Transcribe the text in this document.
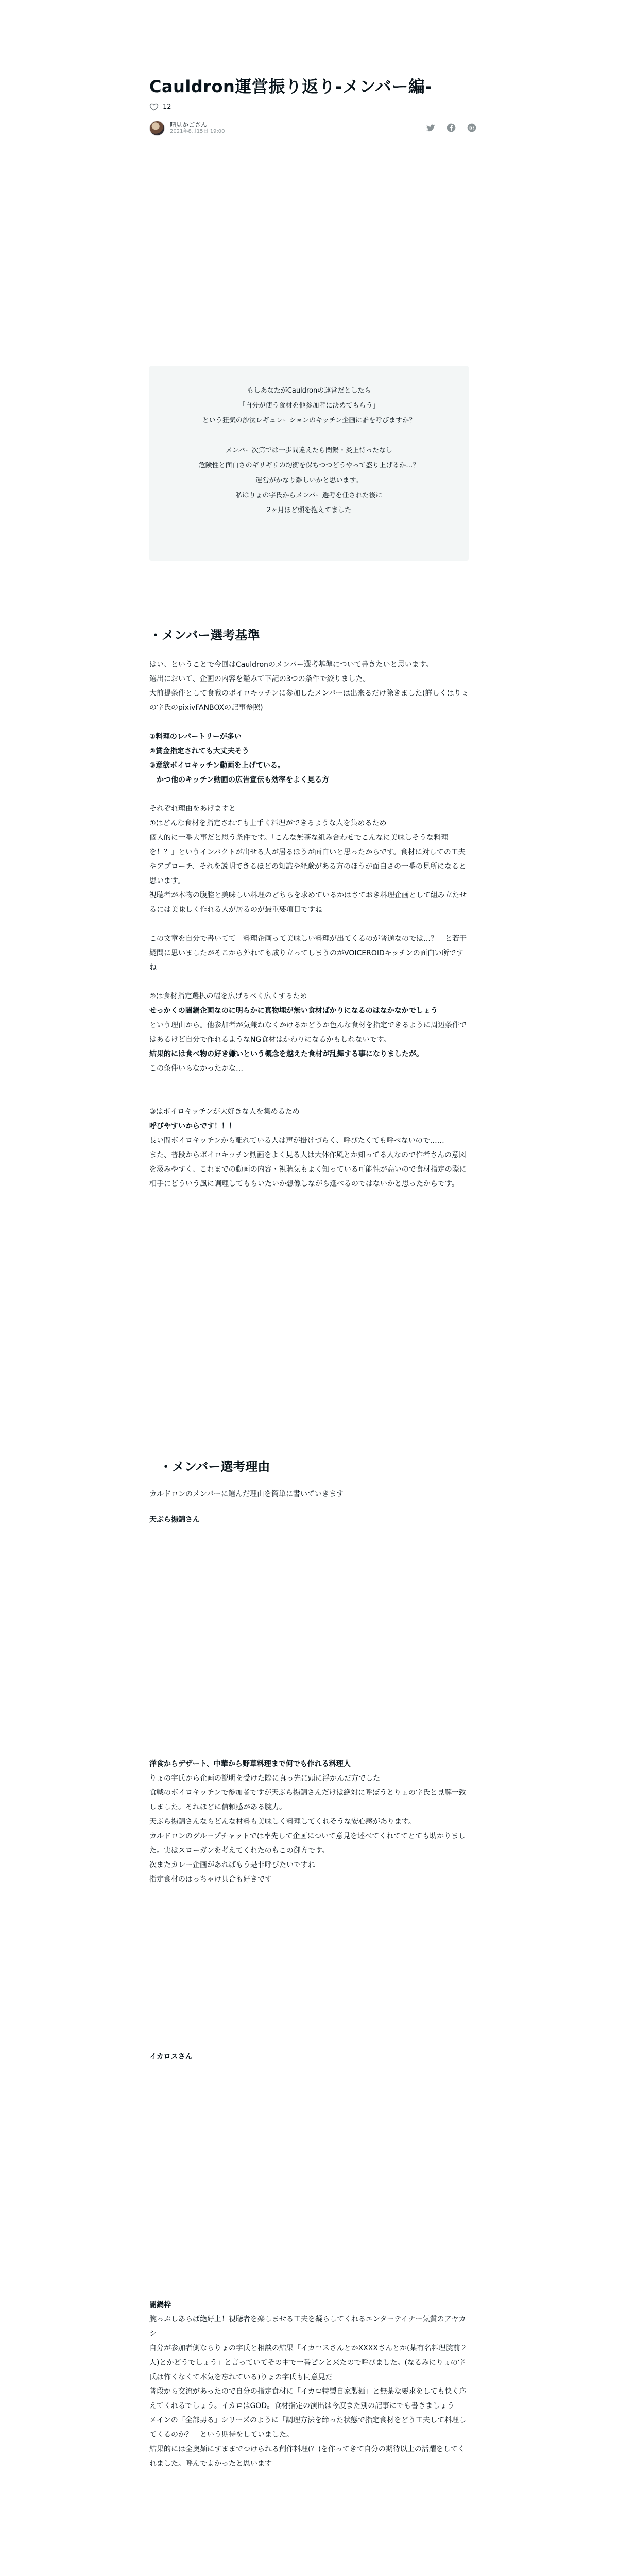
Cauldron運営振り返り-メンバー編-
12
晴見かごさん
2021年8月15日 19:00
B!

もしあなたがCauldronの運営だとしたら

「自分が使う食材を他参加者に決めてもらう」

という狂気の沙汰レギュレーションのキッチン企画に誰を呼びますか？

メンバー次第では一歩間違えたら闇鍋・炎上待ったなし

危険性と面白さのギリギリの均衡を保ちつつどうやって盛り上げるか…？

運営がかなり難しいかと思います。

私はりょの字氏からメンバー選考を任された後に

2ヶ月ほど頭を抱えてました

・メンバー選考基準

はい、ということで今回はCauldronのメンバー選考基準について書きたいと思います。

選出において、企画の内容を鑑みて下記の3つの条件で絞りました。

大前提条件として食戦のボイロキッチンに参加したメンバーは出来るだけ除きました(詳しくはりょの字氏のpixivFANBOXの記事参照)

①料理のレパートリーが多い

②賞金指定されても大丈夫そう

③意欲ボイロキッチン動画を上げている。

　かつ他のキッチン動画の広告宣伝も効率をよく見る方

それぞれ理由をあげますと

①はどんな食材を指定されても上手く料理ができるような人を集めるため

個人的に一番大事だと思う条件です。「こんな無茶な組み合わせでこんなに美味しそうな料理を！？」というインパクトが出せる人が居るほうが面白いと思ったからです。食材に対しての工夫やアプローチ、それを説明できるほどの知識や経験がある方のほうが面白さの一番の見所になると思います。

視聴者が本物の腹腔と美味しい料理のどちらを求めているかはさておき料理企画として組み立たせるには美味しく作れる人が居るのが最重要項目ですね

この文章を自分で書いてて「料理企画って美味しい料理が出てくるのが普通なのでは…？」と若干疑問に思いましたがそこから外れても成り立ってしまうのがVOICEROIDキッチンの面白い所ですね

②は食材指定選択の幅を広げるべく広くするため

せっかくの闇鍋企画なのに明らかに真物埋が無い食材ばかりになるのはなかなかでしょう

という理由から。他参加者が気兼ねなくかけるかどうか色んな食材を指定できるように周辺条件ではあるけど自分で作れるようなNG食材はかわりになるかもしれないです。

結果的には食べ物の好き嫌いという概念を越えた食材が乱舞する事になりましたが。

この条件いらなかったかな…

③はボイロキッチンが大好きな人を集めるため

呼びやすいからです！！！

長い間ボイロキッチンから離れている人は声が掛けづらく、呼びたくても呼べないので……

また、普段からボイロキッチン動画をよく見る人は大体作風とか知ってる人なので作者さんの意図を汲みやすく、これまでの動画の内容・視聴気もよく知っている可能性が高いので食材指定の際に相手にどういう風に調理してもらいたいか想像しながら選べるのではないかと思ったからです。

・メンバー選考理由

カルドロンのメンバーに選んだ理由を簡単に書いていきます

天ぷら揚錦さん

洋食からデザート、中華から野草料理まで何でも作れる料理人

りょの字氏から企画の説明を受けた際に真っ先に頭に浮かんだ方でした

食戦のボイロキッチンで参加者ですが天ぷら揚錦さんだけは絶対に呼ぼうとりょの字氏と見解一致しました。それほどに信頼感がある腕力。

天ぷら揚錦さんならどんな材料も美味しく料理してくれそうな安心感があります。

カルドロンのグループチャットでは率先して企画について意見を述べてくれててとても助かりました。実はスローガンを考えてくれたのもこの御方です。

次またカレー企画があればもう是非呼びたいですね

指定食材のはっちゃけ具合も好きです

イカロスさん

闇鍋枠

腕っぷしあらば絶好上！視聴者を楽しませる工夫を凝らしてくれるエンターテイナー気質のアヤカシ

自分が参加者側ならりょの字氏と相談の結果「イカロスさんとかXXXXさんとか(某有名料理腕前２人)とかどうでしょう」と言っていてその中で一番ピンと来たので呼びました。(なるみにりょの字氏は怖くなくて本気を忘れている)りょの字氏も同意見だ

普段から交流があったので自分の指定食材に「イカロ特製自家製麺」と無茶な要求をしても快く応えてくれるでしょう。イカロはGOD。食材指定の演出は今度また別の記事にでも書きましょう

メインの「全部男る」シリーズのように「調理方法を締った状態で指定食材をどう工夫して料理してくるのか？」という期待をしていました。

結果的には全奥麺にすままでつけられる創作料理(？)を作ってきて自分の期待以上の活躍をしてくれました。呼んでよかったと思います
